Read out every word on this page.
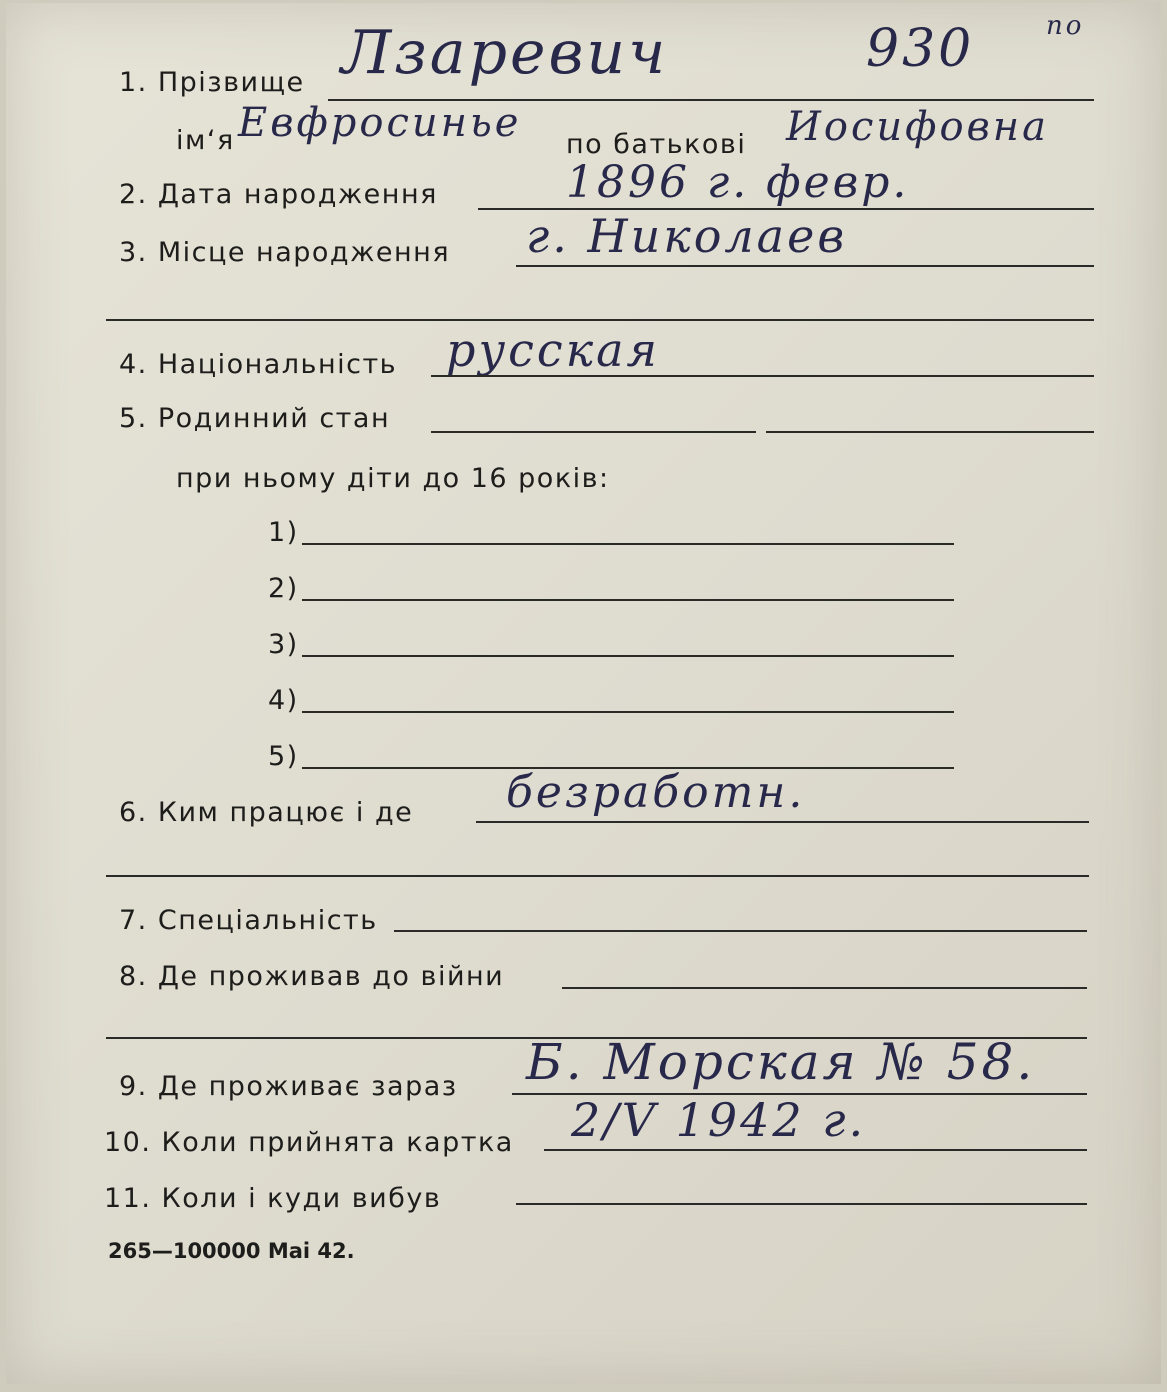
1. Прізвище Лзаревич	930	по
ім‘я Евфросинье по батькові Иосифовна
2. Дата народження	1896 г. февр.
3. Місце народження г. Николаев
4. Національність русская
5. Родинний стан
при ньому діти до 16 років:
1)
2)
3)
4)
5)
6. Ким працює і де безработн.
7. Спеціальність
8. Де проживав до війни
9. Де проживає зараз Б. Морская № 58.
10. Коли прийнята картка 2/V 1942 г.
11. Коли і куди вибув
265—100000 Маі 42.
